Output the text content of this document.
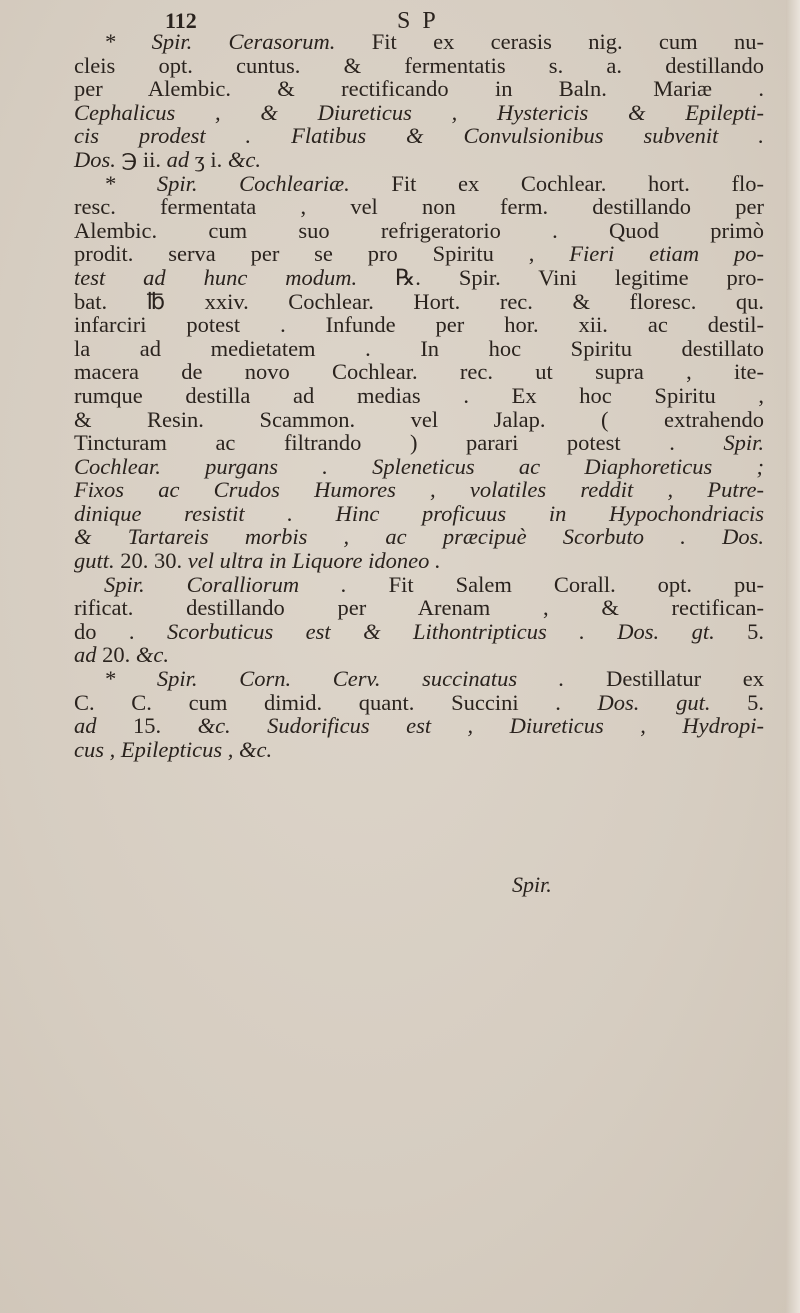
112	S P
* Spir. Cerasorum. Fit ex cerasis nig. cum nu-
cleis opt. cuntus. & fermentatis s. a. destillando
per Alembic. & rectificando in Baln. Mariæ .
Cephalicus , & Diureticus , Hystericis & Epilepti-
cis prodest . Flatibus & Convulsionibus subvenit .
Dos. ℈ ii. ad ʒ i. &c.
* Spir. Cochleariæ. Fit ex Cochlear. hort. flo-
resc. fermentata , vel non ferm. destillando per
Alembic. cum suo refrigeratorio . Quod primò
prodit. serva per se pro Spiritu , Fieri etiam po-
test ad hunc modum. ℞. Spir. Vini legitime pro-
bat. ℔ xxiv. Cochlear. Hort. rec. & floresc. qu.
infarciri potest . Infunde per hor. xii. ac destil-
la ad medietatem . In hoc Spiritu destillato
macera de novo Cochlear. rec. ut supra , ite-
rumque destilla ad medias . Ex hoc Spiritu ,
& Resin. Scammon. vel Jalap. ( extrahendo
Tincturam ac filtrando ) parari potest . Spir.
Cochlear. purgans . Spleneticus ac Diaphoreticus ;
Fixos ac Crudos Humores , volatiles reddit , Putre-
dinique resistit . Hinc proficuus in Hypochondriacis
& Tartareis morbis , ac præcipuè Scorbuto . Dos.
gutt. 20. 30. vel ultra in Liquore idoneo .
Spir. Coralliorum . Fit Salem Corall. opt. pu-
rificat. destillando per Arenam , & rectifican-
do . Scorbuticus est & Lithontripticus . Dos. gt. 5.
ad 20. &c.
* Spir. Corn. Cerv. succinatus . Destillatur ex
C. C. cum dimid. quant. Succini . Dos. gut. 5.
ad 15. &c. Sudorificus est , Diureticus , Hydropi-
cus , Epilepticus , &c.
Spir.
